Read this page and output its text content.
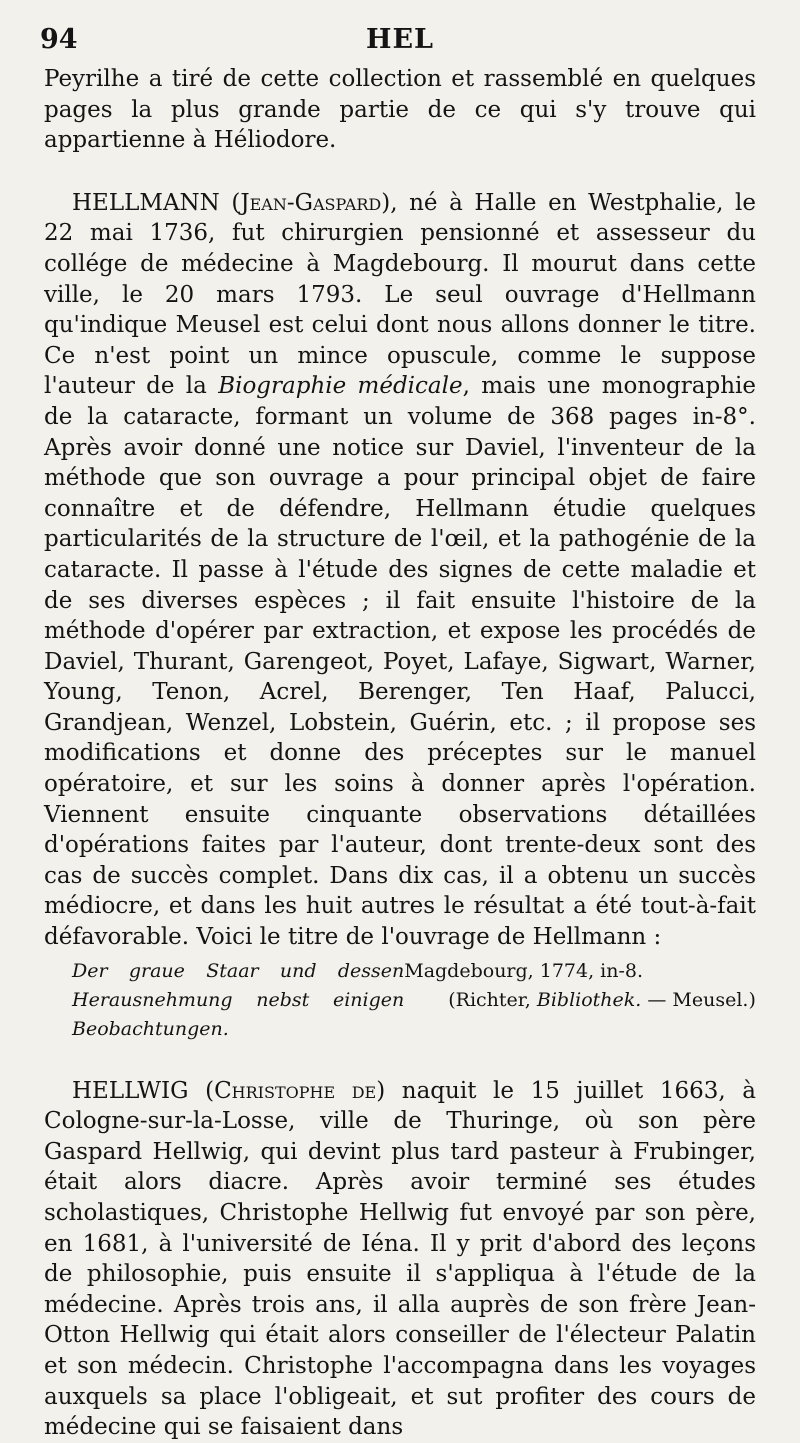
94	HEL

Peyrilhe a tiré de cette collection et rassemblé en quelques pages la plus grande partie de ce qui s'y trouve qui appartienne à Héliodore.

HELLMANN (Jean-Gaspard), né à Halle en Westphalie, le 22 mai 1736, fut chirurgien pensionné et assesseur du collége de médecine à Magdebourg. Il mourut dans cette ville, le 20 mars 1793. Le seul ouvrage d'Hellmann qu'indique Meusel est celui dont nous allons donner le titre. Ce n'est point un mince opuscule, comme le suppose l'auteur de la Biographie médicale, mais une monographie de la cataracte, formant un volume de 368 pages in-8°. Après avoir donné une notice sur Daviel, l'inventeur de la méthode que son ouvrage a pour principal objet de faire connaître et de défendre, Hellmann étudie quelques particularités de la structure de l'œil, et la pathogénie de la cataracte. Il passe à l'étude des signes de cette maladie et de ses diverses espèces ; il fait ensuite l'histoire de la méthode d'opérer par extraction, et expose les procédés de Daviel, Thurant, Garengeot, Poyet, Lafaye, Sigwart, Warner, Young, Tenon, Acrel, Berenger, Ten Haaf, Palucci, Grandjean, Wenzel, Lobstein, Guérin, etc. ; il propose ses modifications et donne des préceptes sur le manuel opératoire, et sur les soins à donner après l'opération. Viennent ensuite cinquante observations détaillées d'opérations faites par l'auteur, dont trente-deux sont des cas de succès complet. Dans dix cas, il a obtenu un succès médiocre, et dans les huit autres le résultat a été tout-à-fait défavorable. Voici le titre de l'ouvrage de Hellmann :

Der graue Staar und dessen Herausnehmung nebst einigen Beobachtungen.
Magdebourg, 1774, in-8.
(Richter, Bibliothek. — Meusel.)

HELLWIG (Christophe de) naquit le 15 juillet 1663, à Cologne-sur-la-Losse, ville de Thuringe, où son père Gaspard Hellwig, qui devint plus tard pasteur à Frubinger, était alors diacre. Après avoir terminé ses études scholastiques, Christophe Hellwig fut envoyé par son père, en 1681, à l'université de Iéna. Il y prit d'abord des leçons de philosophie, puis ensuite il s'appliqua à l'étude de la médecine. Après trois ans, il alla auprès de son frère Jean-Otton Hellwig qui était alors conseiller de l'électeur Palatin et son médecin. Christophe l'accompagna dans les voyages auxquels sa place l'obligeait, et sut profiter des cours de médecine qui se faisaient dans
